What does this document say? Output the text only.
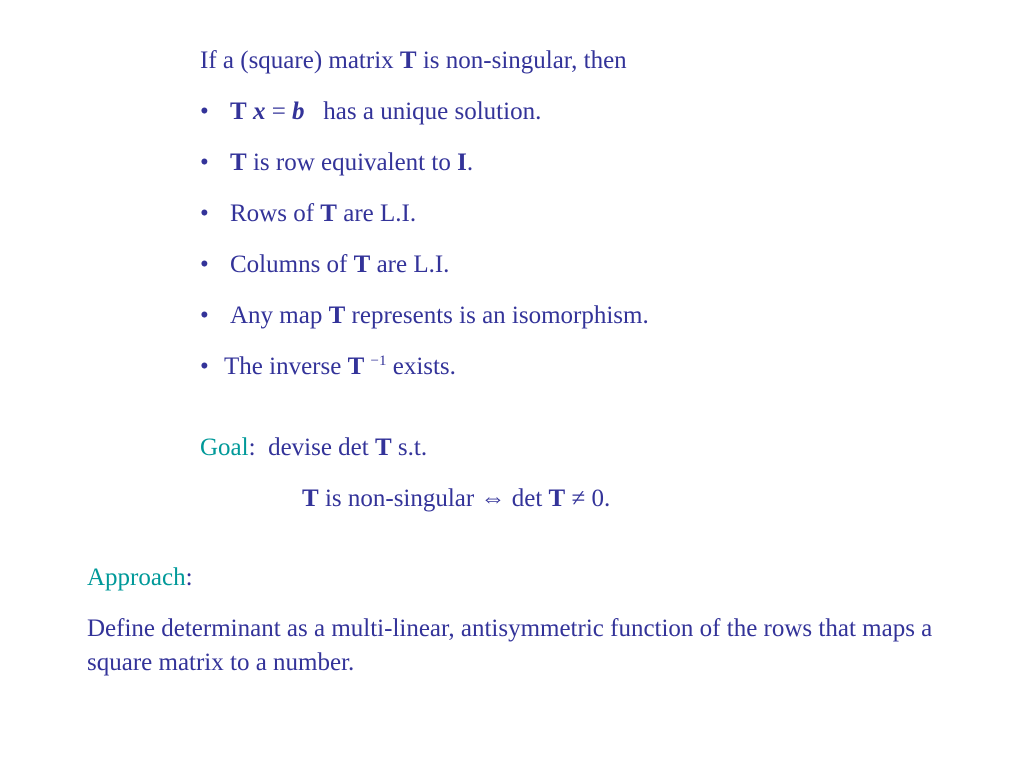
If a (square) matrix T is non-singular, then
• T x = b has a unique solution.
• T is row equivalent to I.
• Rows of T are L.I.
• Columns of T are L.I.
• Any map T represents is an isomorphism.
• The inverse T $^{-1}$ exists.
Goal: devise det T s.t.
T is non-singular ⇔ det T ≠ 0.
Approach:
Define determinant as a multi-linear, antisymmetric function of the rows that maps a square matrix to a number.
